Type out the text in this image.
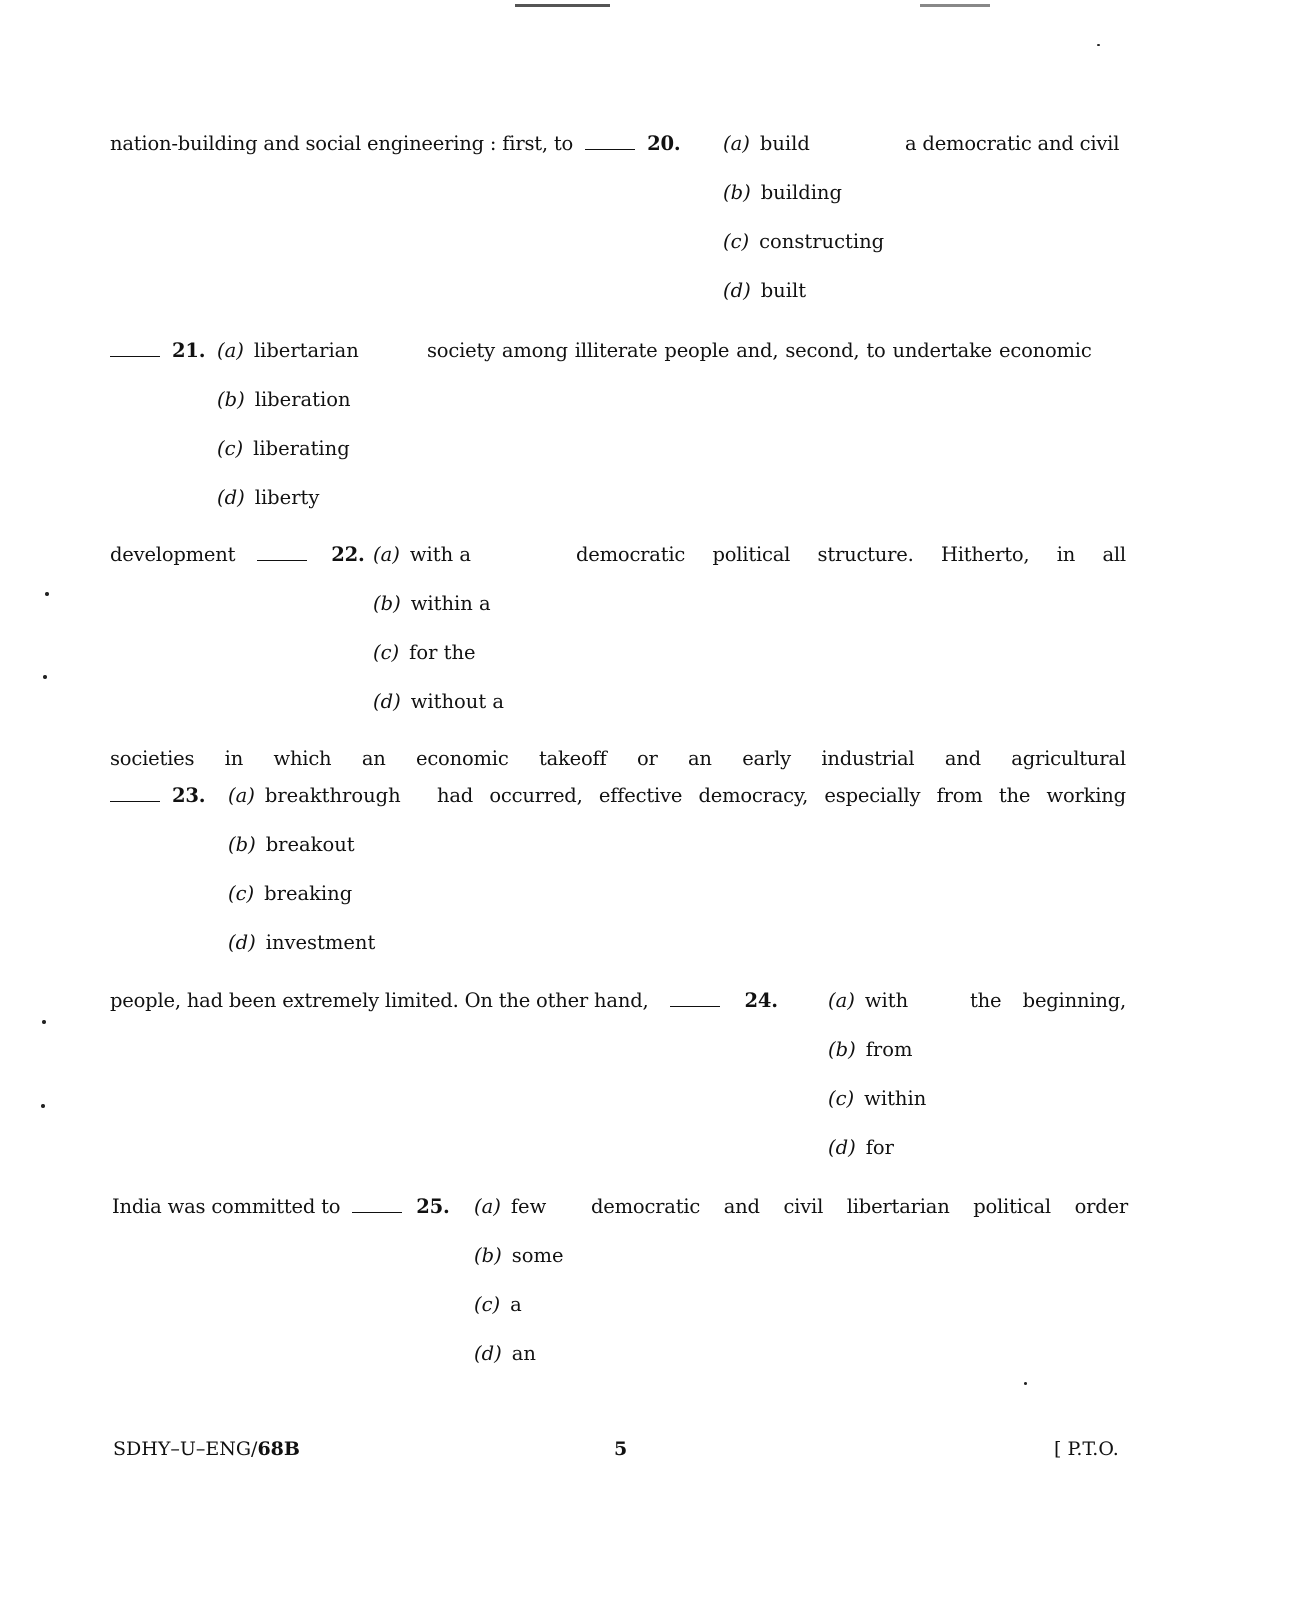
nation-building and social engineering : first, to	20.	(a) build	a democratic and civil
(b) building
(c) constructing
(d) built
21. (a) libertarian	society among illiterate people and, second, to undertake economic
(b) liberation
(c) liberating
(d) liberty
development	22. (a) with a	democratic political structure. Hitherto, in all
(b) within a
(c) for the
(d) without a
societies in which an economic takeoff or an early industrial and agricultural
23.	(a) breakthrough had occurred, effective democracy, especially from the working
(b) breakout
(c) breaking
(d) investment
people, had been extremely limited. On the other hand,	24.	(a) with	the beginning,
(b) from
(c) within
(d) for
India was committed to	25.	(a) few democratic and civil libertarian political order
(b) some
(c) a
(d) an
SDHY–U–ENG/68B	5	[ P.T.O.
